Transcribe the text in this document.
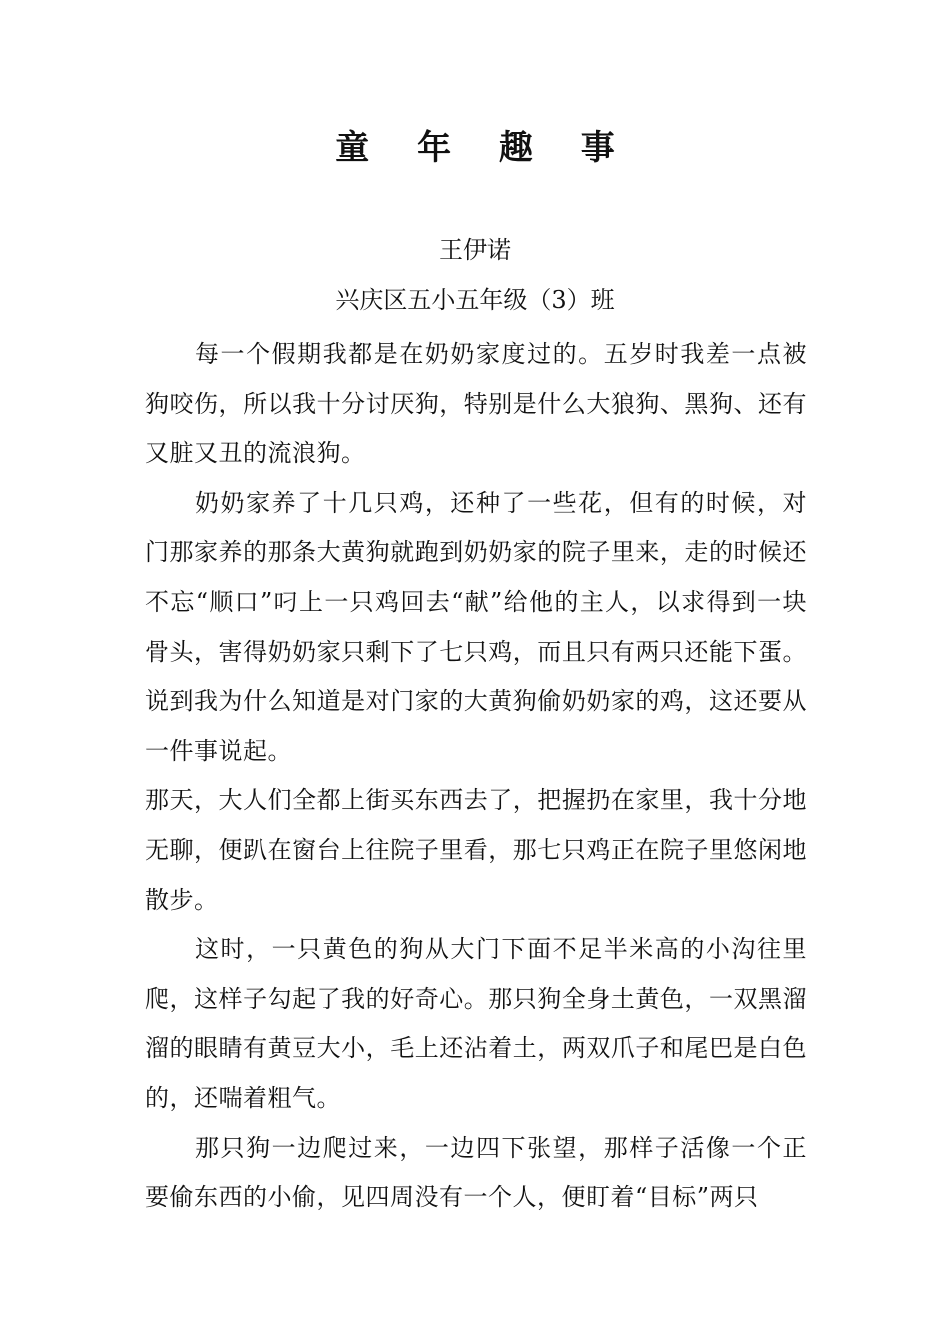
童 年 趣 事

王伊诺

兴庆区五小五年级（3）班

每一个假期我都是在奶奶家度过的。五岁时我差一点被狗咬伤，所以我十分讨厌狗，特别是什么大狼狗、黑狗、还有又脏又丑的流浪狗。

奶奶家养了十几只鸡，还种了一些花，但有的时候，对门那家养的那条大黄狗就跑到奶奶家的院子里来，走的时候还不忘“顺口”叼上一只鸡回去“献”给他的主人，以求得到一块骨头，害得奶奶家只剩下了七只鸡，而且只有两只还能下蛋。说到我为什么知道是对门家的大黄狗偷奶奶家的鸡，这还要从一件事说起。

那天，大人们全都上街买东西去了，把握扔在家里，我十分地无聊，便趴在窗台上往院子里看，那七只鸡正在院子里悠闲地散步。

这时，一只黄色的狗从大门下面不足半米高的小沟往里爬，这样子勾起了我的好奇心。那只狗全身土黄色，一双黑溜溜的眼睛有黄豆大小，毛上还沾着土，两双爪子和尾巴是白色的，还喘着粗气。

那只狗一边爬过来，一边四下张望，那样子活像一个正要偷东西的小偷，见四周没有一个人，便盯着“目标”两只
